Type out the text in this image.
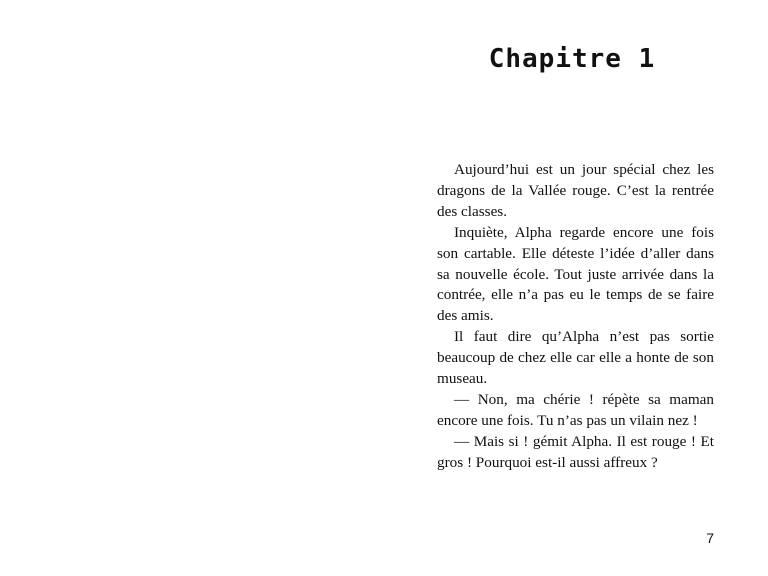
Chapitre 1

Aujourd’hui est un jour spécial chez les dragons de la Vallée rouge. C’est la rentrée des classes.

Inquiète, Alpha regarde encore une fois son cartable. Elle déteste l’idée d’aller dans sa nouvelle école. Tout juste arrivée dans la contrée, elle n’a pas eu le temps de se faire des amis.

Il faut dire qu’Alpha n’est pas sortie beaucoup de chez elle car elle a honte de son museau.

— Non, ma chérie ! répète sa maman encore une fois. Tu n’as pas un vilain nez !

— Mais si ! gémit Alpha. Il est rouge ! Et gros ! Pourquoi est-il aussi affreux ?

7
